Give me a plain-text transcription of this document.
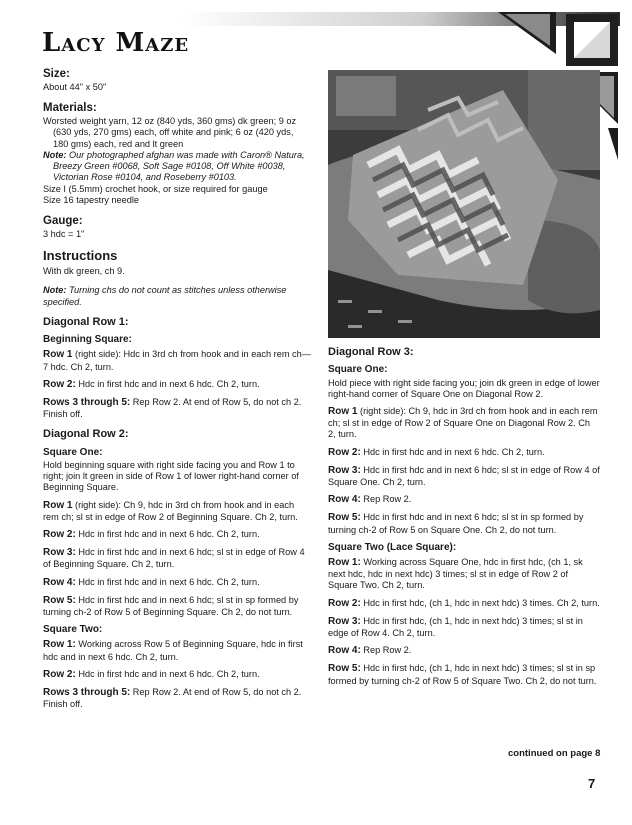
Lacy Maze
Size:

About 44" x 50"

Materials:
Worsted weight yarn, 12 oz (840 yds, 360 gms) dk green; 9 oz (630 yds, 270 gms) each, off white and pink; 6 oz (420 yds, 180 gms) each, red and lt green
Note: Our photographed afghan was made with Caron® Natura, Breezy Green #0068, Soft Sage #0108, Off White #0038, Victorian Rose #0104, and Roseberry #0103.
Size I (5.5mm) crochet hook, or size required for gauge

Size 16 tapestry needle

Gauge:

3 hdc = 1"

Instructions

With dk green, ch 9.

Note: Turning chs do not count as stitches unless otherwise specified.

Diagonal Row 1:
Beginning Square:

Row 1 (right side): Hdc in 3rd ch from hook and in each rem ch—7 hdc. Ch 2, turn.

Row 2: Hdc in first hdc and in next 6 hdc. Ch 2, turn.

Rows 3 through 5: Rep Row 2. At end of Row 5, do not ch 2. Finish off.

Diagonal Row 2:
Square One:

Hold beginning square with right side facing you and Row 1 to right; join lt green in side of Row 1 of lower right-hand corner of Beginning Square.

Row 1 (right side): Ch 9, hdc in 3rd ch from hook and in each rem ch; sl st in edge of Row 2 of Beginning Square. Ch 2, turn.

Row 2: Hdc in first hdc and in next 6 hdc. Ch 2, turn.

Row 3: Hdc in first hdc and in next 6 hdc; sl st in edge of Row 4 of Beginning Square. Ch 2, turn.

Row 4: Hdc in first hdc and in next 6 hdc. Ch 2, turn.

Row 5: Hdc in first hdc and in next 6 hdc; sl st in sp formed by turning ch-2 of Row 5 of Beginning Square. Ch 2, do not turn.

Square Two:

Row 1: Working across Row 5 of Beginning Square, hdc in first hdc and in next 6 hdc. Ch 2, turn.

Row 2: Hdc in first hdc and in next 6 hdc. Ch 2, turn.

Rows 3 through 5: Rep Row 2. At end of Row 5, do not ch 2. Finish off.

Diagonal Row 3:
Square One:

Hold piece with right side facing you; join dk green in edge of lower right-hand corner of Square One on Diagonal Row 2.

Row 1 (right side): Ch 9, hdc in 3rd ch from hook and in each rem ch; sl st in edge of Row 2 of Square One on Diagonal Row 2. Ch 2, turn.

Row 2: Hdc in first hdc and in next 6 hdc. Ch 2, turn.

Row 3: Hdc in first hdc and in next 6 hdc; sl st in edge of Row 4 of Square One. Ch 2, turn.

Row 4: Rep Row 2.

Row 5: Hdc in first hdc and in next 6 hdc; sl st in sp formed by turning ch-2 of Row 5 on Square One. Ch 2, do not turn.

Square Two (Lace Square):

Row 1: Working across Square One, hdc in first hdc, (ch 1, sk next hdc, hdc in next hdc) 3 times; sl st in edge of Row 2 of Square Two. Ch 2, turn.

Row 2: Hdc in first hdc, (ch 1, hdc in next hdc) 3 times. Ch 2, turn.

Row 3: Hdc in first hdc, (ch 1, hdc in next hdc) 3 times; sl st in edge of Row 4. Ch 2, turn.

Row 4: Rep Row 2.

Row 5: Hdc in first hdc, (ch 1, hdc in next hdc) 3 times; sl st in sp formed by turning ch-2 of Row 5 of Square Two. Ch 2, do not turn.

continued on page 8
7
